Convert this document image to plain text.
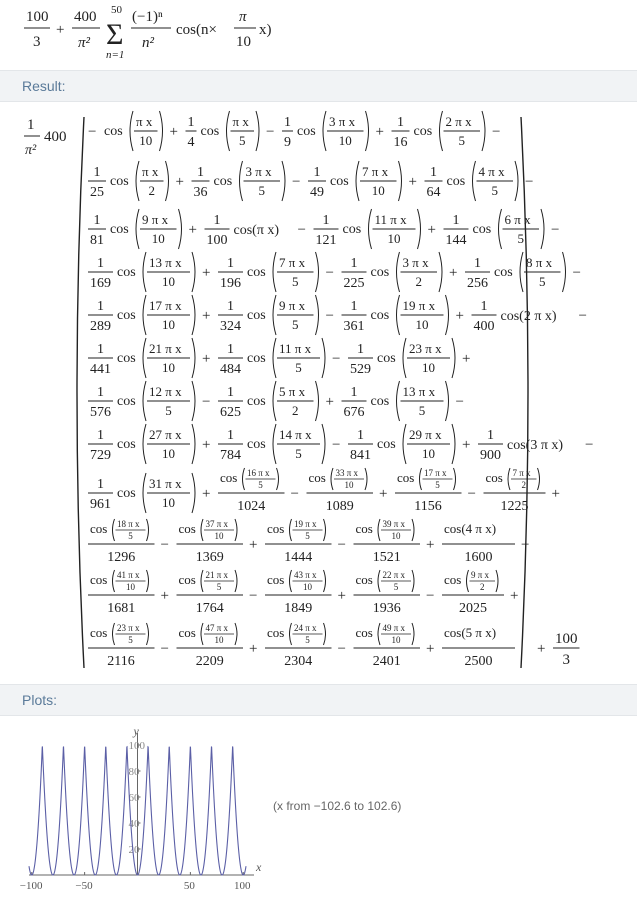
100
3
+
400
π²
50
Σ
n=1
(−1)ⁿ
n²
cos(n×
π
10
x)
Result:
1
π²
400 − cos
π x
10
+
1
4
cos
π x
5
−
1
9
cos
3 π x
10
+
1
16
cos
2 π x
5
−
1
25
cos
π x
2
+
1
36
cos
3 π x
5
−
1
49
cos
7 π x
10
+
1
64
cos
4 π x
5
−
1
81
cos
9 π x
10
+
1
100
cos(π x) −
1
121
cos
11 π x
10
+
1
144
cos
6 π x
5
−
1
169
cos
13 π x
10
+
1
196
cos
7 π x
5
−
1
225
cos
3 π x
2
+
1
256
cos
8 π x
5
−
1
289
cos
17 π x
10
+
1
324
cos
9 π x
5
−
1
361
cos
19 π x
10
+
1
400
cos(2 π x) −
1
441
cos
21 π x
10
+
1
484
cos
11 π x
5
−
1
529
cos
23 π x
10
+
1
576
cos
12 π x
5
−
1
625
cos
5 π x
2
+
1
676
cos
13 π x
5
−
1
729
cos
27 π x
10
+
1
784
cos
14 π x
5
−
1
841
cos
29 π x
10
+
1
900
cos(3 π x) −
1
961
cos
31 π x
10
+
cos 16 π x
5
1024
−
cos 33 π x
10
1089
+
cos 17 π x
5
1156
−
cos 7 π x
2
1225
+
cos 18 π x
5
1296
−
cos 37 π x
10
1369
+
cos 19 π x
5
1444
−
cos 39 π x
10
1521
+
cos(4 π x)
1600
−
cos 41 π x
10
1681
+
cos 21 π x
5
1764
−
cos 43 π x
10
1849
+
cos 22 π x
5
1936
−
cos 9 π x
2
2025
+
cos 23 π x
5
2116
−
cos 47 π x
10
2209
+
cos 24 π x
5
2304
−
cos 49 π x
10
2401
+
cos(5 π x)
2500
+
100
3
Plots:
x
y
−100	−50	50	100
20
40
60
80
100
(x from −102.6 to 102.6)
